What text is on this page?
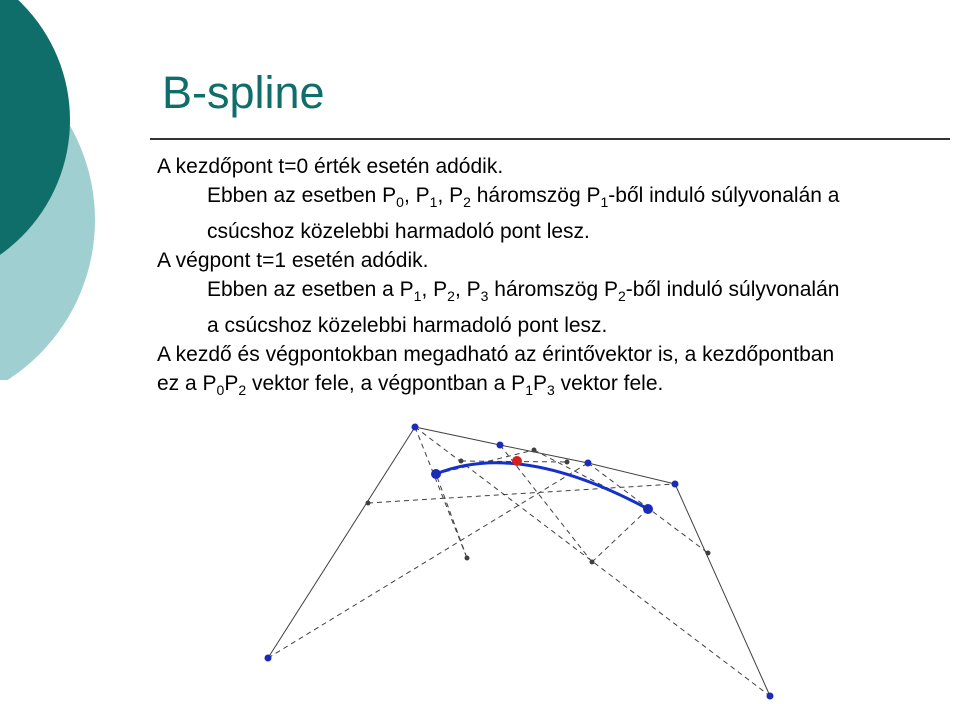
B-spline
A kezdőpont t=0 érték esetén adódik.
Ebben az esetben $P_0$, $P_1$, $P_2$ háromszög $P_1$-ből induló súlyvonalán a
csúcshoz közelebbi harmadoló pont lesz.
A végpont t=1 esetén adódik.
Ebben az esetben a $P_1$, $P_2$, $P_3$ háromszög $P_2$-ből induló súlyvonalán
a csúcshoz közelebbi harmadoló pont lesz.
A kezdő és végpontokban megadható az érintővektor is, a kezdőpontban
ez a $P_0P_2$ vektor fele, a végpontban a $P_1P_3$ vektor fele.
